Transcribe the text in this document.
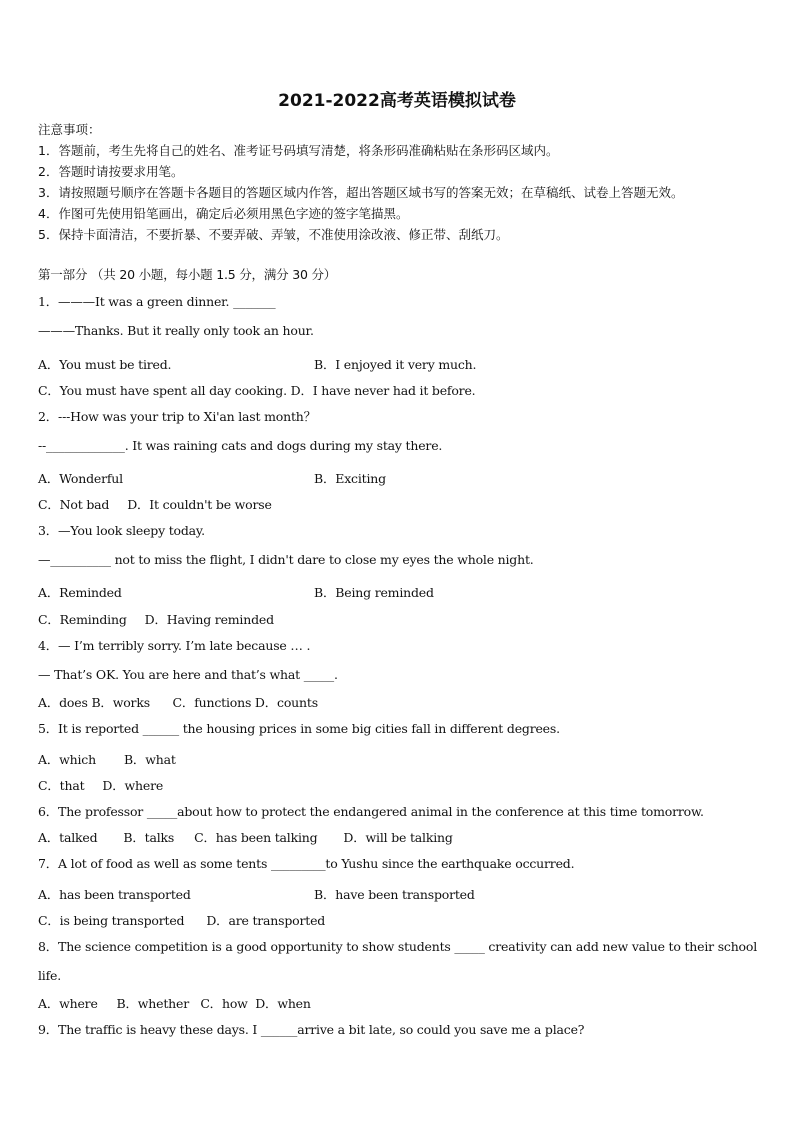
2021-2022高考英语模拟试卷
注意事项：
1．答题前，考生先将自己的姓名、准考证号码填写清楚，将条形码准确粘贴在条形码区域内。
2．答题时请按要求用笔。
3．请按照题号顺序在答题卡各题目的答题区域内作答，超出答题区域书写的答案无效；在草稿纸、试卷上答题无效。
4．作图可先使用铅笔画出，确定后必须用黑色字迹的签字笔描黑。
5．保持卡面清洁，不要折暴、不要弄破、弄皱，不准使用涂改液、修正带、刮纸刀。
第一部分 （共 20 小题，每小题 1.5 分，满分 30 分）
1．———It was a green dinner. _______
———Thanks. But it really only took an hour.
A．You must be tired.	B．I enjoyed it very much.
C．You must have spent all day cooking. D．I have never had it before.
2．---How was your trip to Xi'an last month？
--_____________. It was raining cats and dogs during my stay there.
A．Wonderful	B．Exciting
C．Not bad D．It couldn't be worse
3．—You look sleepy today.
—__________ not to miss the flight, I didn't dare to close my eyes the whole night.
A．Reminded	B．Being reminded
C．Reminding D．Having reminded
4．— I’m terribly sorry. I’m late because … .
— That’s OK. You are here and that’s what _____.
A．does B．works      C．functions D．counts
5．It is reported ______ the housing prices in some big cities fall in different degrees.
A．which B．what
C．that D．where
6．The professor _____about how to protect the endangered animal in the conference at this time tomorrow.
A．talked B．talks C．has been talking D．will be talking
7．A lot of food as well as some tents _________to Yushu since the earthquake occurred.
A．has been transported	B．have been transported
C．is being transported D．are transported
8．The science competition is a good opportunity to show students _____ creativity can add new value to their school
life.
A．where     B．whether   C．how  D．when
9．The traffic is heavy these days. I ______arrive a bit late, so could you save me a place?
